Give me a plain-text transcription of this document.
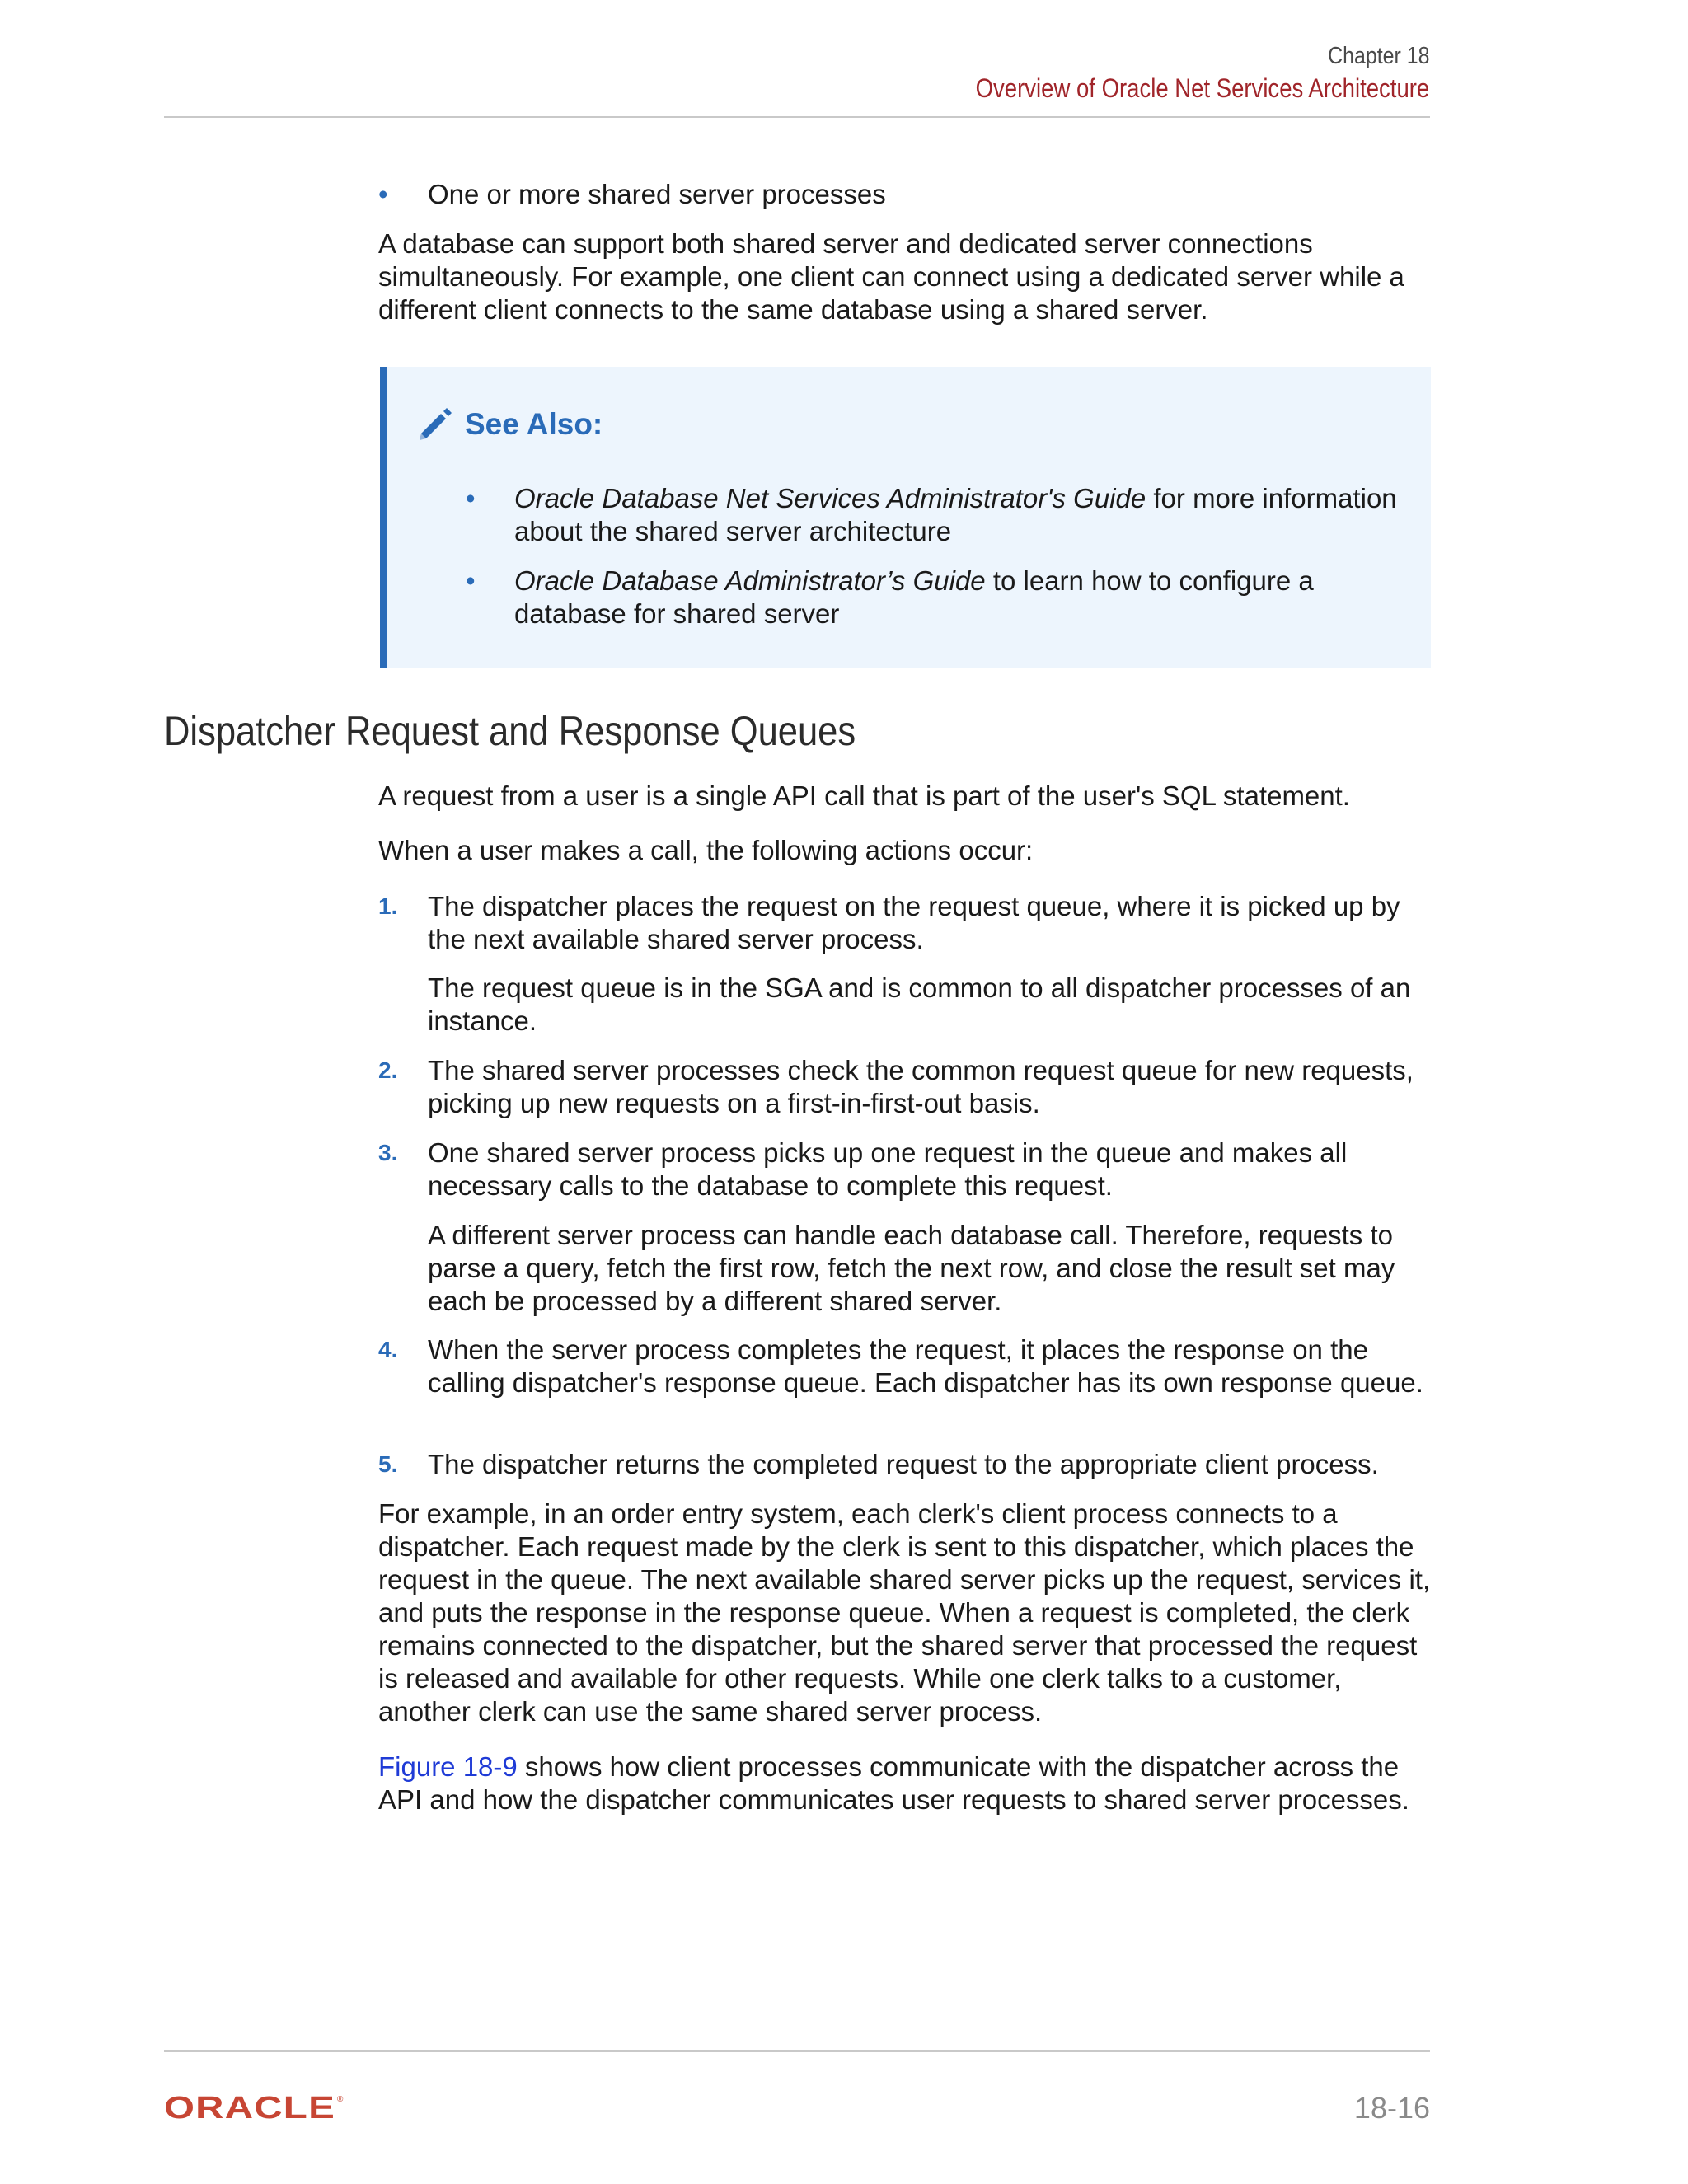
Chapter 18
Overview of Oracle Net Services Architecture
• One or more shared server processes
A database can support both shared server and dedicated server connections simultaneously. For example, one client can connect using a dedicated server while a different client connects to the same database using a shared server.
See Also:
• Oracle Database Net Services Administrator's Guide for more information about the shared server architecture
• Oracle Database Administrator’s Guide to learn how to configure a database for shared server
Dispatcher Request and Response Queues
A request from a user is a single API call that is part of the user's SQL statement.
When a user makes a call, the following actions occur:
1. The dispatcher places the request on the request queue, where it is picked up by the next available shared server process.
The request queue is in the SGA and is common to all dispatcher processes of an instance.
2. The shared server processes check the common request queue for new requests, picking up new requests on a first-in-first-out basis.
3. One shared server process picks up one request in the queue and makes all necessary calls to the database to complete this request.
A different server process can handle each database call. Therefore, requests to parse a query, fetch the first row, fetch the next row, and close the result set may each be processed by a different shared server.
4. When the server process completes the request, it places the response on the calling dispatcher's response queue. Each dispatcher has its own response queue.
5. The dispatcher returns the completed request to the appropriate client process.
For example, in an order entry system, each clerk's client process connects to a dispatcher. Each request made by the clerk is sent to this dispatcher, which places the request in the queue. The next available shared server picks up the request, services it, and puts the response in the response queue. When a request is completed, the clerk remains connected to the dispatcher, but the shared server that processed the request is released and available for other requests. While one clerk talks to a customer, another clerk can use the same shared server process.
Figure 18-9 shows how client processes communicate with the dispatcher across the API and how the dispatcher communicates user requests to shared server processes.
ORACLE ®	18-16
